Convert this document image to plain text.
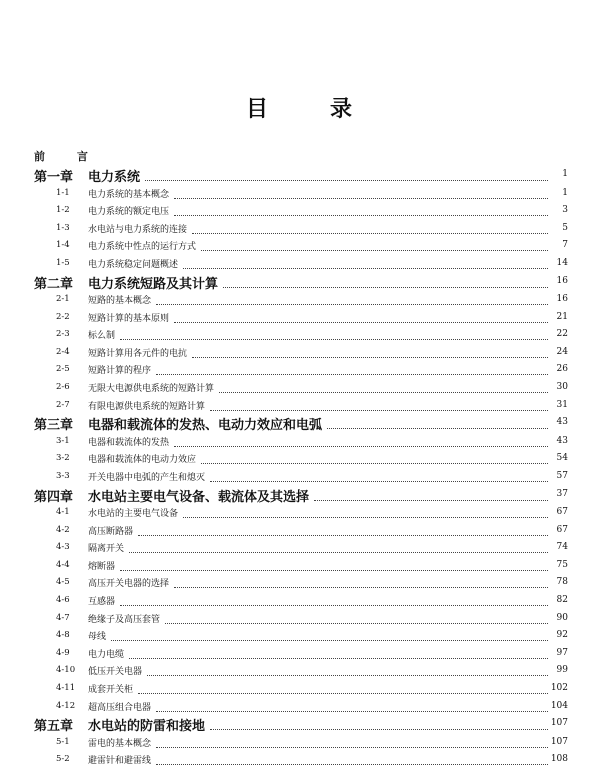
目	录
前 言
第一章 电力系统	1
1-1 电力系统的基本概念	1
1-2 电力系统的额定电压	3
1-3 水电站与电力系统的连接	5
1-4 电力系统中性点的运行方式	7
1-5 电力系统稳定问题概述	14
第二章 电力系统短路及其计算	16
2-1 短路的基本概念	16
2-2 短路计算的基本原则	21
2-3 标么制	22
2-4 短路计算用各元件的电抗	24
2-5 短路计算的程序	26
2-6 无限大电源供电系统的短路计算	30
2-7 有限电源供电系统的短路计算	31
第三章 电器和载流体的发热、电动力效应和电弧	43
3-1 电器和载流体的发热	43
3-2 电器和载流体的电动力效应	54
3-3 开关电器中电弧的产生和熄灭	57
第四章 水电站主要电气设备、载流体及其选择	37
4-1 水电站的主要电气设备	67
4-2 高压断路器	67
4-3 隔离开关	74
4-4 熔断器	75
4-5 高压开关电器的选择	78
4-6 互感器	82
4-7 绝缘子及高压套管	90
4-8 母线	92
4-9 电力电缆	97
4-10 低压开关电器	99
4-11 成套开关柜	102
4-12 超高压组合电器	104
第五章 水电站的防雷和接地	107
5-1 雷电的基本概念	107
5-2 避雷针和避雷线	108
